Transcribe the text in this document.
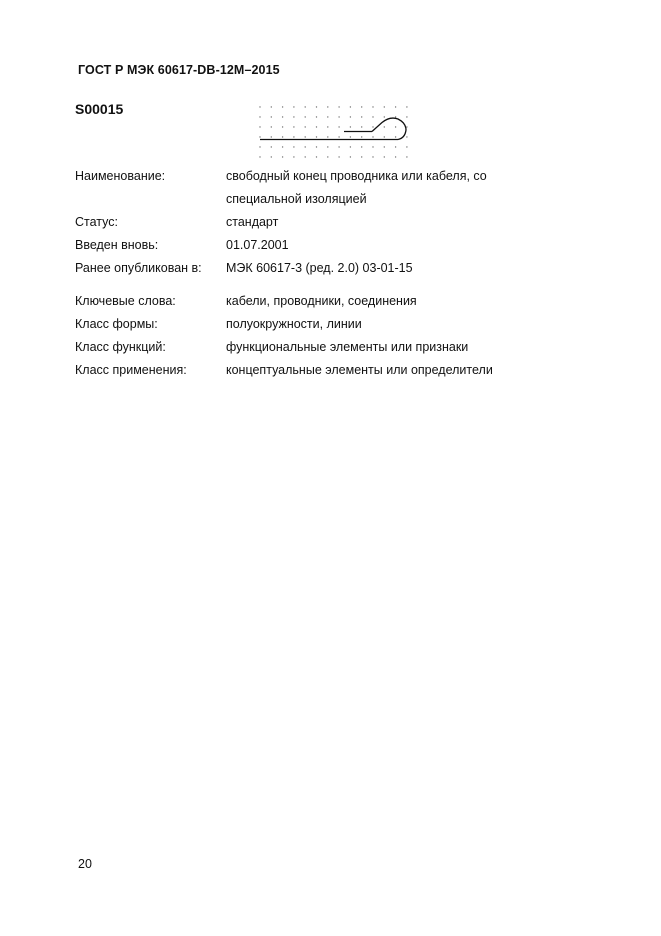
ГОСТ Р МЭК 60617-DB-12M–2015
S00015
Наименование:	свободный конец проводника или кабеля, со специальной изоляцией
Статус:	стандарт
Введен вновь:	01.07.2001
Ранее опубликован в: МЭК 60617-3 (ред. 2.0) 03-01-15
Ключевые слова:	кабели, проводники, соединения
Класс формы:	полуокружности, линии
Класс функций:	функциональные элементы или признаки
Класс применения:	концептуальные элементы или определители
20
